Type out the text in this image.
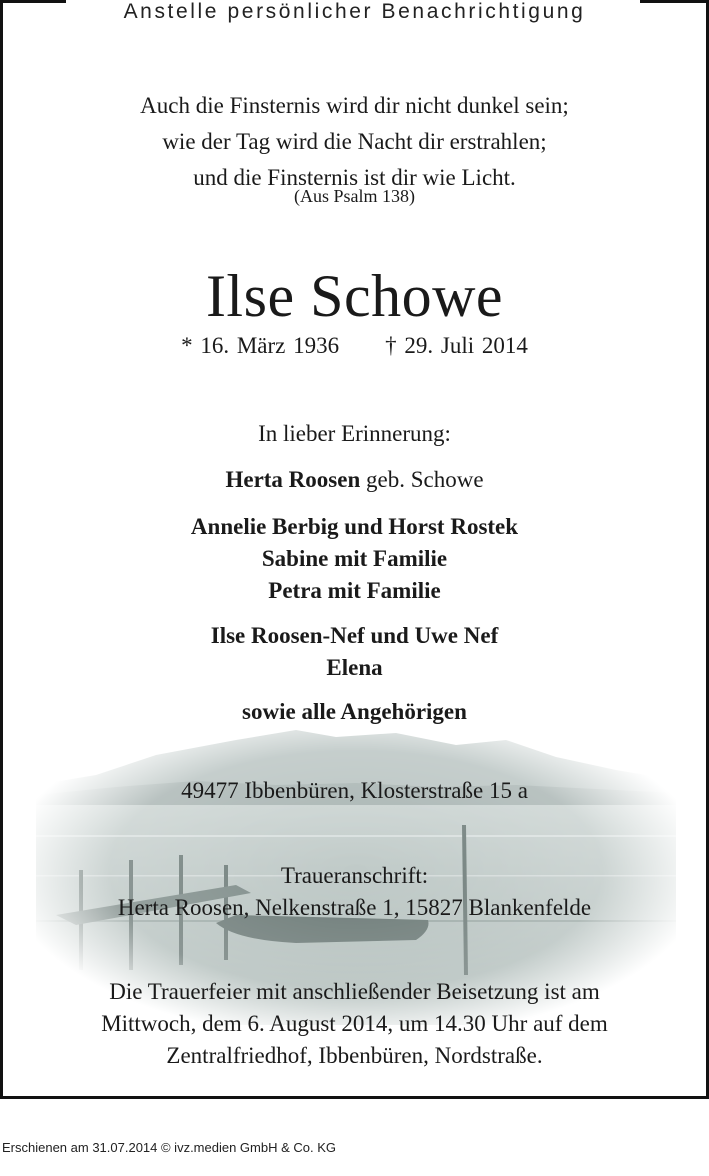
Anstelle persönlicher Benachrichtigung
Auch die Finsternis wird dir nicht dunkel sein;
wie der Tag wird die Nacht dir erstrahlen;
und die Finsternis ist dir wie Licht.
(Aus Psalm 138)
Ilse Schowe
* 16. März 1936 † 29. Juli 2014
In lieber Erinnerung:
Herta Roosen geb. Schowe
Annelie Berbig und Horst Rostek
Sabine mit Familie
Petra mit Familie
Ilse Roosen-Nef und Uwe Nef
Elena
sowie alle Angehörigen
49477 Ibbenbüren, Klosterstraße 15 a
Traueranschrift:
Herta Roosen, Nelkenstraße 1, 15827 Blankenfelde
Die Trauerfeier mit anschließender Beisetzung ist am
Mittwoch, dem 6. August 2014, um 14.30 Uhr auf dem
Zentralfriedhof, Ibbenbüren, Nordstraße.
Erschienen am 31.07.2014 © ivz.medien GmbH & Co. KG
